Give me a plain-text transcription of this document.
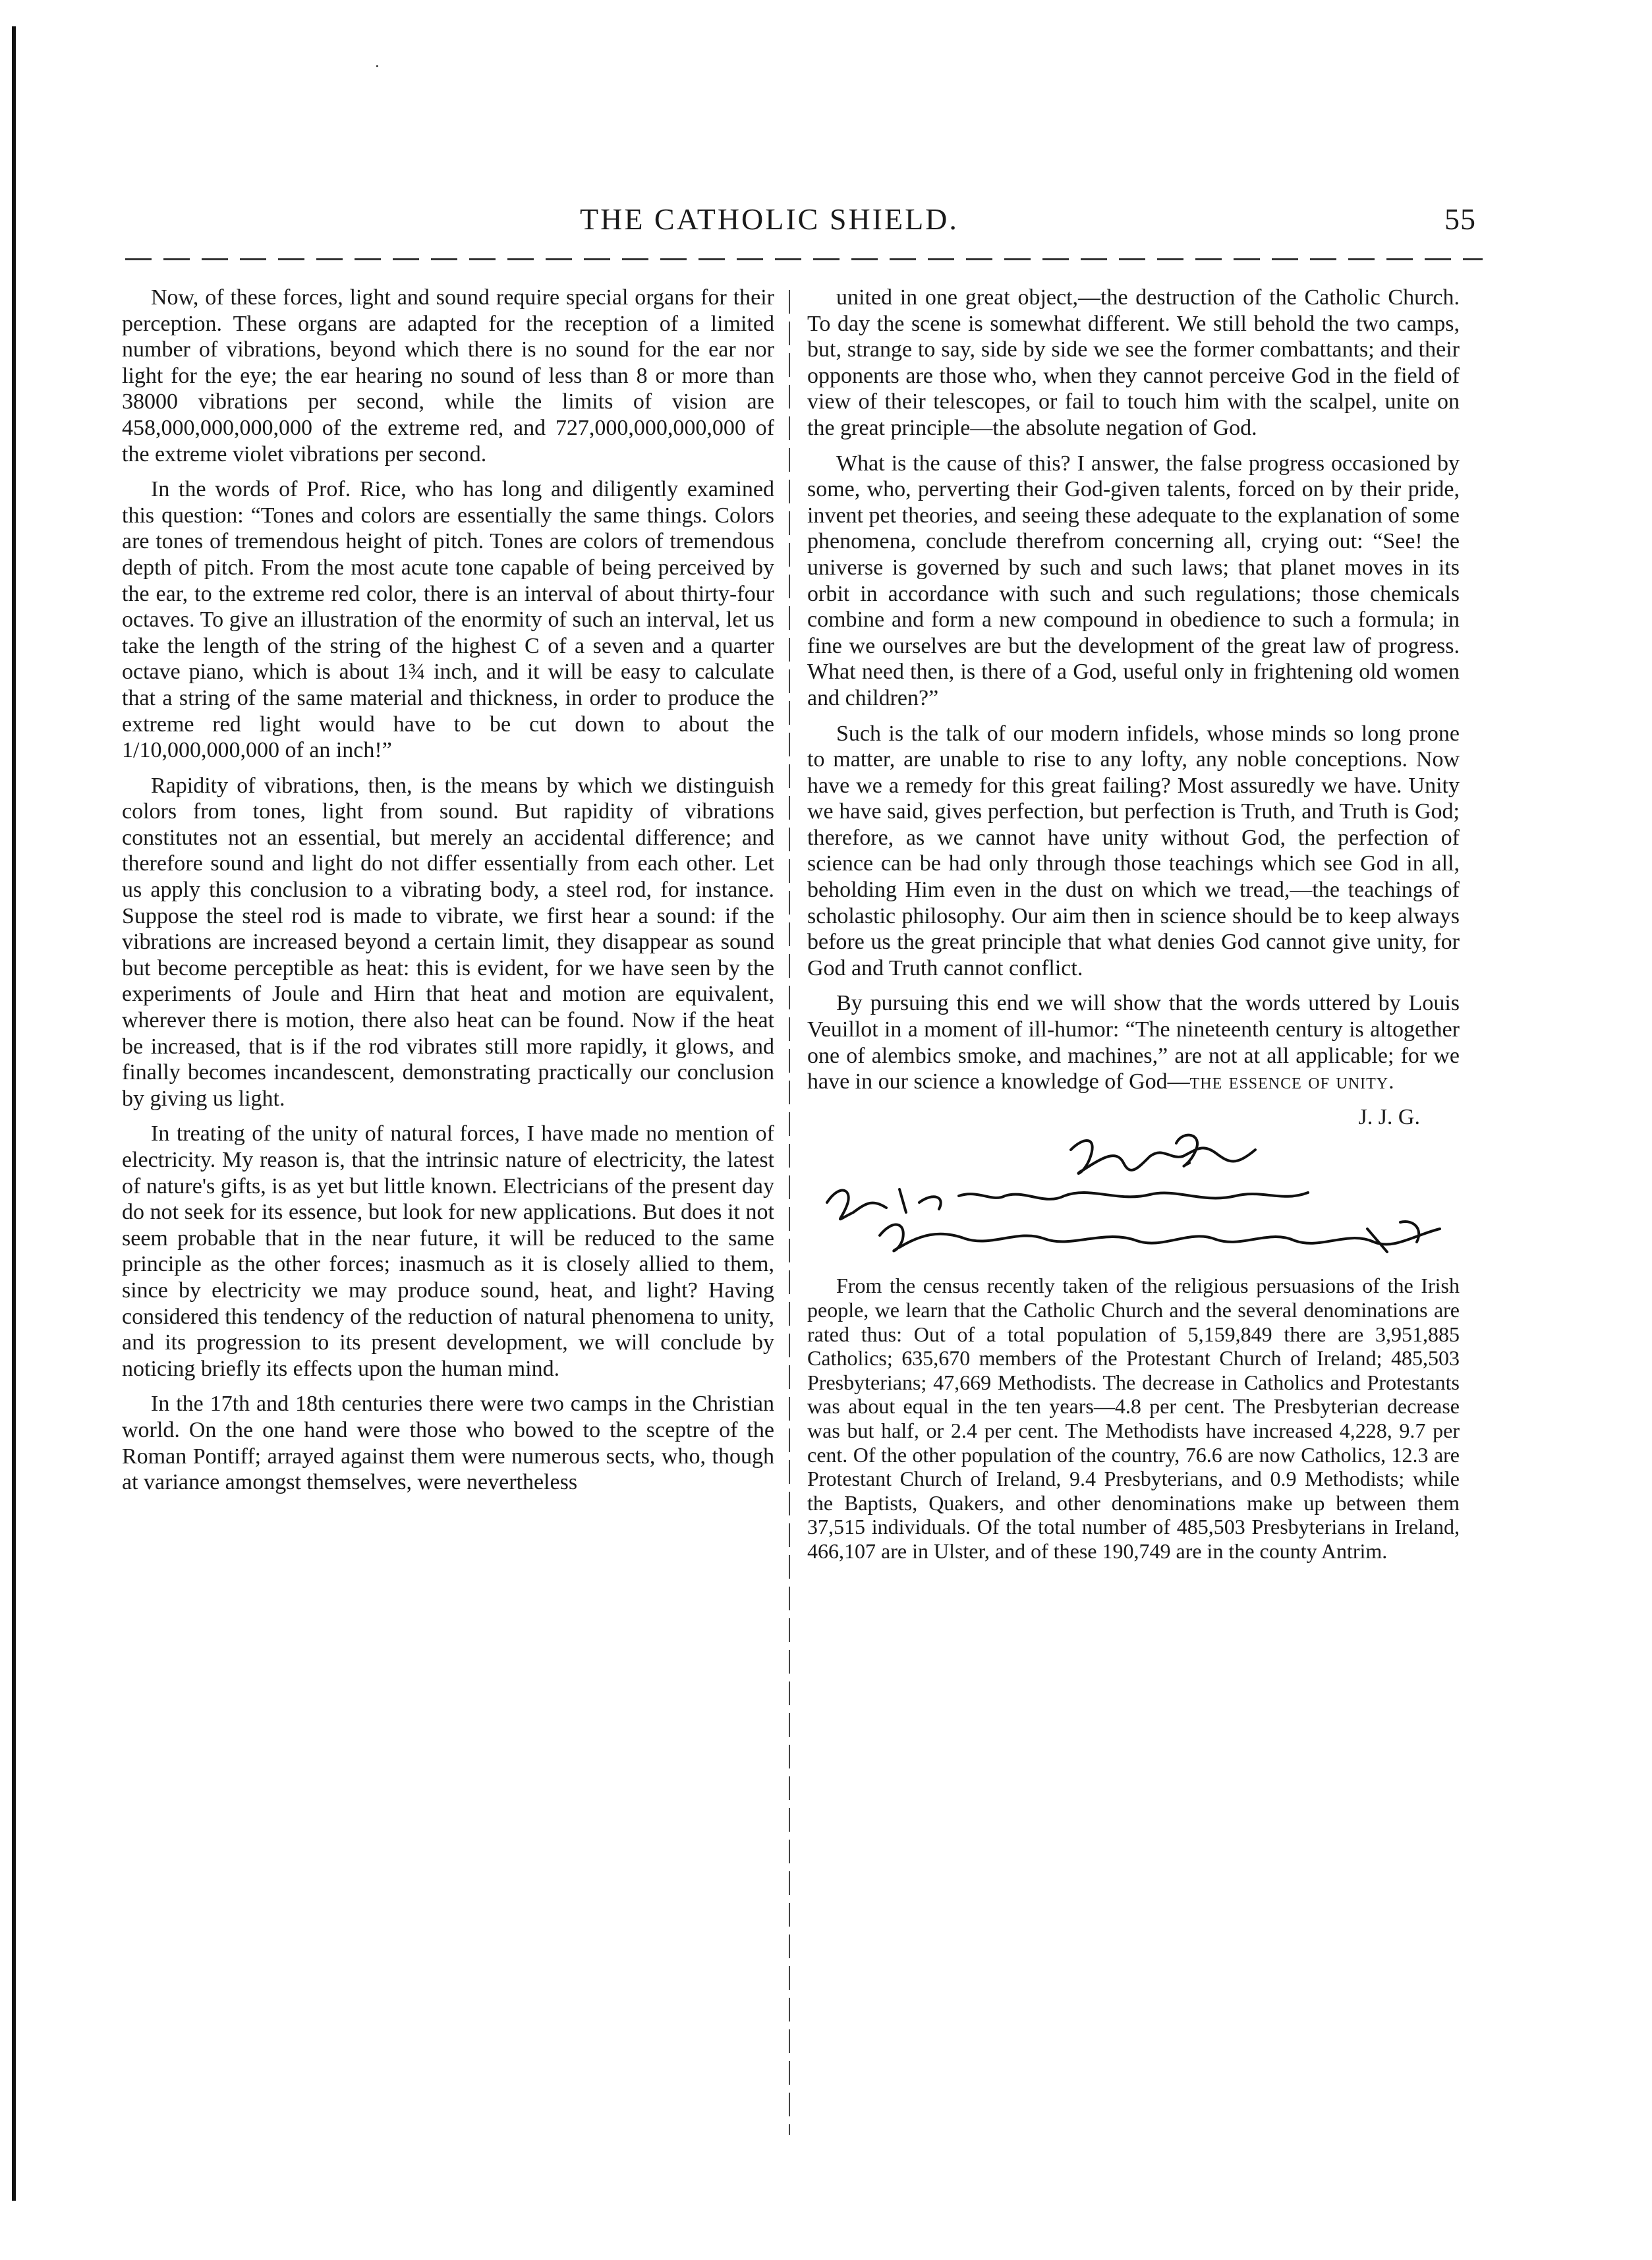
·
THE CATHOLIC SHIELD.	55

Now, of these forces, light and sound require special organs for their perception. These organs are adapted for the reception of a limited number of vibrations, beyond which there is no sound for the ear nor light for the eye; the ear hearing no sound of less than 8 or more than 38000 vibrations per second, while the limits of vision are 458,000,000,000,000 of the extreme red, and 727,000,000,000,000 of the extreme violet vibrations per second.

In the words of Prof. Rice, who has long and diligently examined this question: “Tones and colors are essentially the same things. Colors are tones of tremendous height of pitch. Tones are colors of tremendous depth of pitch. From the most acute tone capable of being perceived by the ear, to the extreme red color, there is an interval of about thirty-four octaves. To give an illustration of the enormity of such an interval, let us take the length of the string of the highest C of a seven and a quarter octave piano, which is about 1¾ inch, and it will be easy to calculate that a string of the same material and thickness, in order to produce the extreme red light would have to be cut down to about the 1/10,000,000,000 of an inch!”

Rapidity of vibrations, then, is the means by which we distinguish colors from tones, light from sound. But rapidity of vibrations constitutes not an essential, but merely an accidental difference; and therefore sound and light do not differ essentially from each other. Let us apply this conclusion to a vibrating body, a steel rod, for instance. Suppose the steel rod is made to vibrate, we first hear a sound: if the vibrations are increased beyond a certain limit, they disappear as sound but become perceptible as heat: this is evident, for we have seen by the experiments of Joule and Hirn that heat and motion are equivalent, wherever there is motion, there also heat can be found. Now if the heat be increased, that is if the rod vibrates still more rapidly, it glows, and finally becomes incandescent, demonstrating practically our conclusion by giving us light.

In treating of the unity of natural forces, I have made no mention of electricity. My reason is, that the intrinsic nature of electricity, the latest of nature's gifts, is as yet but little known. Electricians of the present day do not seek for its essence, but look for new applications. But does it not seem probable that in the near future, it will be reduced to the same principle as the other forces; inasmuch as it is closely allied to them, since by electricity we may produce sound, heat, and light? Having considered this tendency of the reduction of natural phenomena to unity, and its progression to its present development, we will conclude by noticing briefly its effects upon the human mind.

In the 17th and 18th centuries there were two camps in the Christian world. On the one hand were those who bowed to the sceptre of the Roman Pontiff; arrayed against them were numerous sects, who, though at variance amongst themselves, were nevertheless

united in one great object,—the destruction of the Catholic Church. To day the scene is somewhat different. We still behold the two camps, but, strange to say, side by side we see the former combattants; and their opponents are those who, when they cannot perceive God in the field of view of their telescopes, or fail to touch him with the scalpel, unite on the great principle—the absolute negation of God.

What is the cause of this? I answer, the false progress occasioned by some, who, perverting their God-given talents, forced on by their pride, invent pet theories, and seeing these adequate to the explanation of some phenomena, conclude therefrom concerning all, crying out: “See! the universe is governed by such and such laws; that planet moves in its orbit in accordance with such and such regulations; those chemicals combine and form a new compound in obedience to such a formula; in fine we ourselves are but the development of the great law of progress. What need then, is there of a God, useful only in frightening old women and children?”

Such is the talk of our modern infidels, whose minds so long prone to matter, are unable to rise to any lofty, any noble conceptions. Now have we a remedy for this great failing? Most assuredly we have. Unity we have said, gives perfection, but perfection is Truth, and Truth is God; therefore, as we cannot have unity without God, the perfection of science can be had only through those teachings which see God in all, beholding Him even in the dust on which we tread,—the teachings of scholastic philosophy. Our aim then in science should be to keep always before us the great principle that what denies God cannot give unity, for God and Truth cannot conflict.

By pursuing this end we will show that the words uttered by Louis Veuillot in a moment of ill-humor: “The nineteenth century is altogether one of alembics smoke, and machines,” are not at all applicable; for we have in our science a knowledge of God—the essence of unity.

J. J. G.

From the census recently taken of the religious persuasions of the Irish people, we learn that the Catholic Church and the several denominations are rated thus: Out of a total population of 5,159,849 there are 3,951,885 Catholics; 635,670 members of the Protestant Church of Ireland; 485,503 Presbyterians; 47,669 Methodists. The decrease in Catholics and Protestants was about equal in the ten years—4.8 per cent. The Presbyterian decrease was but half, or 2.4 per cent. The Methodists have increased 4,228, 9.7 per cent. Of the other population of the country, 76.6 are now Catholics, 12.3 are Protestant Church of Ireland, 9.4 Presbyterians, and 0.9 Methodists; while the Baptists, Quakers, and other denominations make up between them 37,515 individuals. Of the total number of 485,503 Presbyterians in Ireland, 466,107 are in Ulster, and of these 190,749 are in the county Antrim.
